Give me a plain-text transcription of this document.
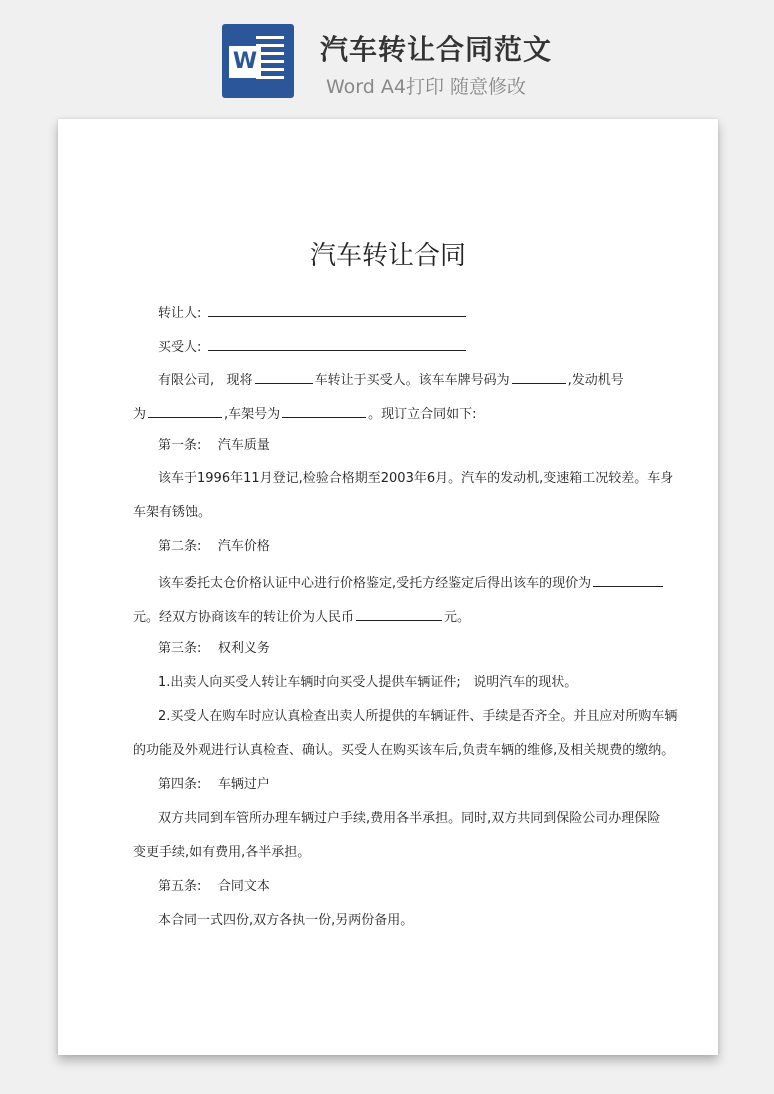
W 汽车转让合同范文
Word A4打印 随意修改
汽车转让合同
转让人:
买受人:
有限公司, 现将	车转让于买受人。该车车牌号码为	,发动机号
为	,车架号为	。现订立合同如下:
第一条: 汽车质量
该车于1996年11月登记,检验合格期至2003年6月。汽车的发动机,变速箱工况较差。车身
车架有锈蚀。
第二条: 汽车价格
该车委托太仓价格认证中心进行价格鉴定,受托方经鉴定后得出该车的现价为
元。经双方协商该车的转让价为人民币	元。
第三条: 权利义务
1.出卖人向买受人转让车辆时向买受人提供车辆证件; 说明汽车的现状。
2.买受人在购车时应认真检查出卖人所提供的车辆证件、手续是否齐全。并且应对所购车辆
的功能及外观进行认真检查、确认。买受人在购买该车后,负责车辆的维修,及相关规费的缴纳。
第四条: 车辆过户
双方共同到车管所办理车辆过户手续,费用各半承担。同时,双方共同到保险公司办理保险
变更手续,如有费用,各半承担。
第五条: 合同文本
本合同一式四份,双方各执一份,另两份备用。
